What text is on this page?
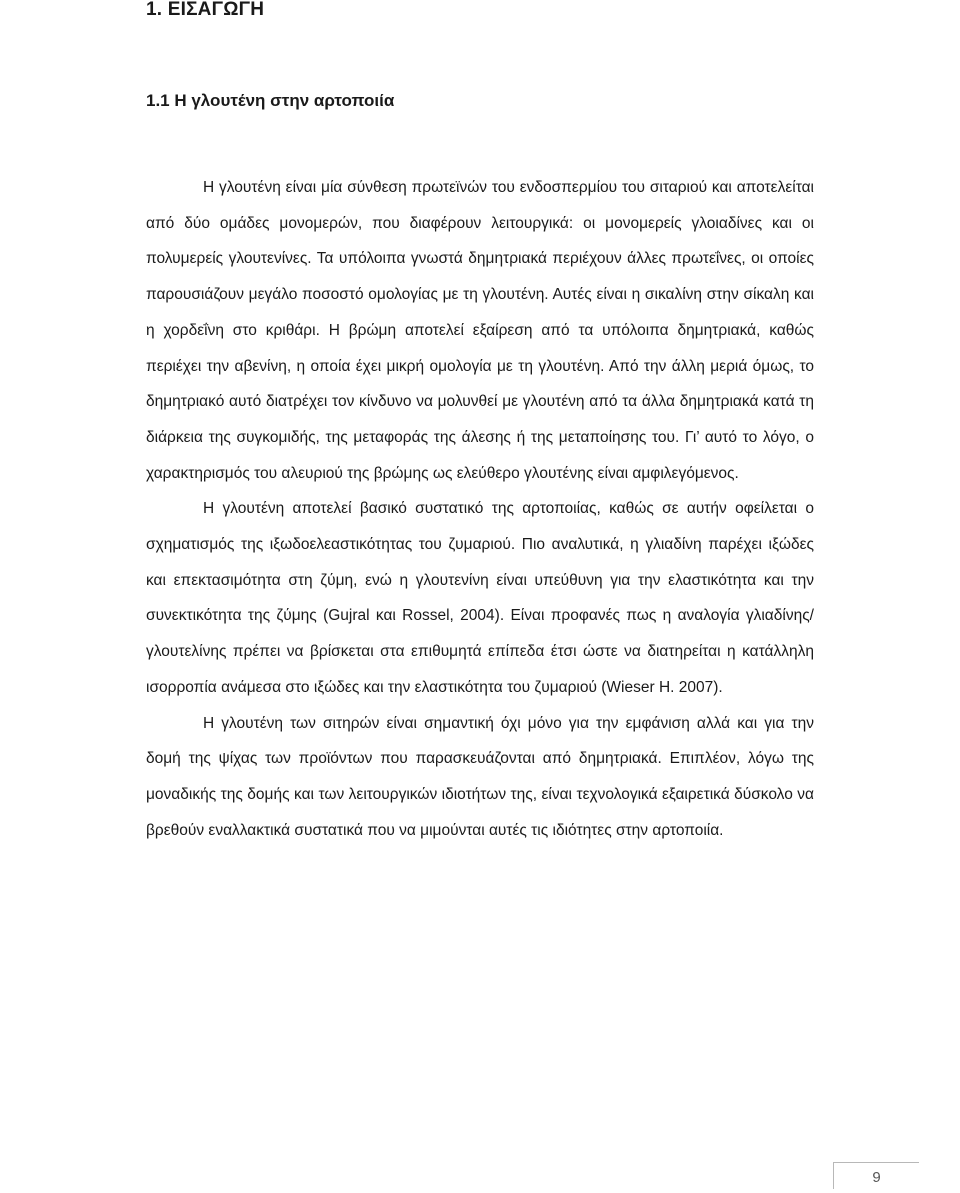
1. ΕΙΣΑΓΩΓΗ
1.1 Η γλουτένη στην αρτοποιία

Η γλουτένη είναι μία σύνθεση πρωτεϊνών του ενδοσπερμίου του σιταριού και αποτελείται από δύο ομάδες μονομερών, που διαφέρουν λειτουργικά: οι μονομερείς γλοιαδίνες και οι πολυμερείς γλουτενίνες. Τα υπόλοιπα γνωστά δημητριακά περιέχουν άλλες πρωτεΐνες, οι οποίες παρουσιάζουν μεγάλο ποσοστό ομολογίας με τη γλουτένη. Αυτές είναι η σικαλίνη στην σίκαλη και η χορδεΐνη στο κριθάρι. Η βρώμη αποτελεί εξαίρεση από τα υπόλοιπα δημητριακά, καθώς περιέχει την αβενίνη, η οποία έχει μικρή ομολογία με τη γλουτένη. Από την άλλη μεριά όμως, το δημητριακό αυτό διατρέχει τον κίνδυνο να μολυνθεί με γλουτένη από τα άλλα δημητριακά κατά τη διάρκεια της συγκομιδής, της μεταφοράς της άλεσης ή της μεταποίησης του. Γι’ αυτό το λόγο, ο χαρακτηρισμός του αλευριού της βρώμης ως ελεύθερο γλουτένης είναι αμφιλεγόμενος.

Η γλουτένη αποτελεί βασικό συστατικό της αρτοποιίας, καθώς σε αυτήν οφείλεται ο σχηματισμός της ιξωδοελεαστικότητας του ζυμαριού. Πιο αναλυτικά, η γλιαδίνη παρέχει ιξώδες και επεκτασιμότητα στη ζύμη, ενώ η γλουτενίνη είναι υπεύθυνη για την ελαστικότητα και την συνεκτικότητα της ζύμης (Gujral και Rossel, 2004). Είναι προφανές πως η αναλογία γλιαδίνης/γλουτελίνης πρέπει να βρίσκεται στα επιθυμητά επίπεδα έτσι ώστε να διατηρείται η κατάλληλη ισορροπία ανάμεσα στο ιξώδες και την ελαστικότητα του ζυμαριού (Wieser H. 2007).

Η γλουτένη των σιτηρών είναι σημαντική όχι μόνο για την εμφάνιση αλλά και για την δομή της ψίχας των προϊόντων που παρασκευάζονται από δημητριακά. Επιπλέον, λόγω της μοναδικής της δομής και των λειτουργικών ιδιοτήτων της, είναι τεχνολογικά εξαιρετικά δύσκολο να βρεθούν εναλλακτικά συστατικά που να μιμούνται αυτές τις ιδιότητες στην αρτοποιία.

9
